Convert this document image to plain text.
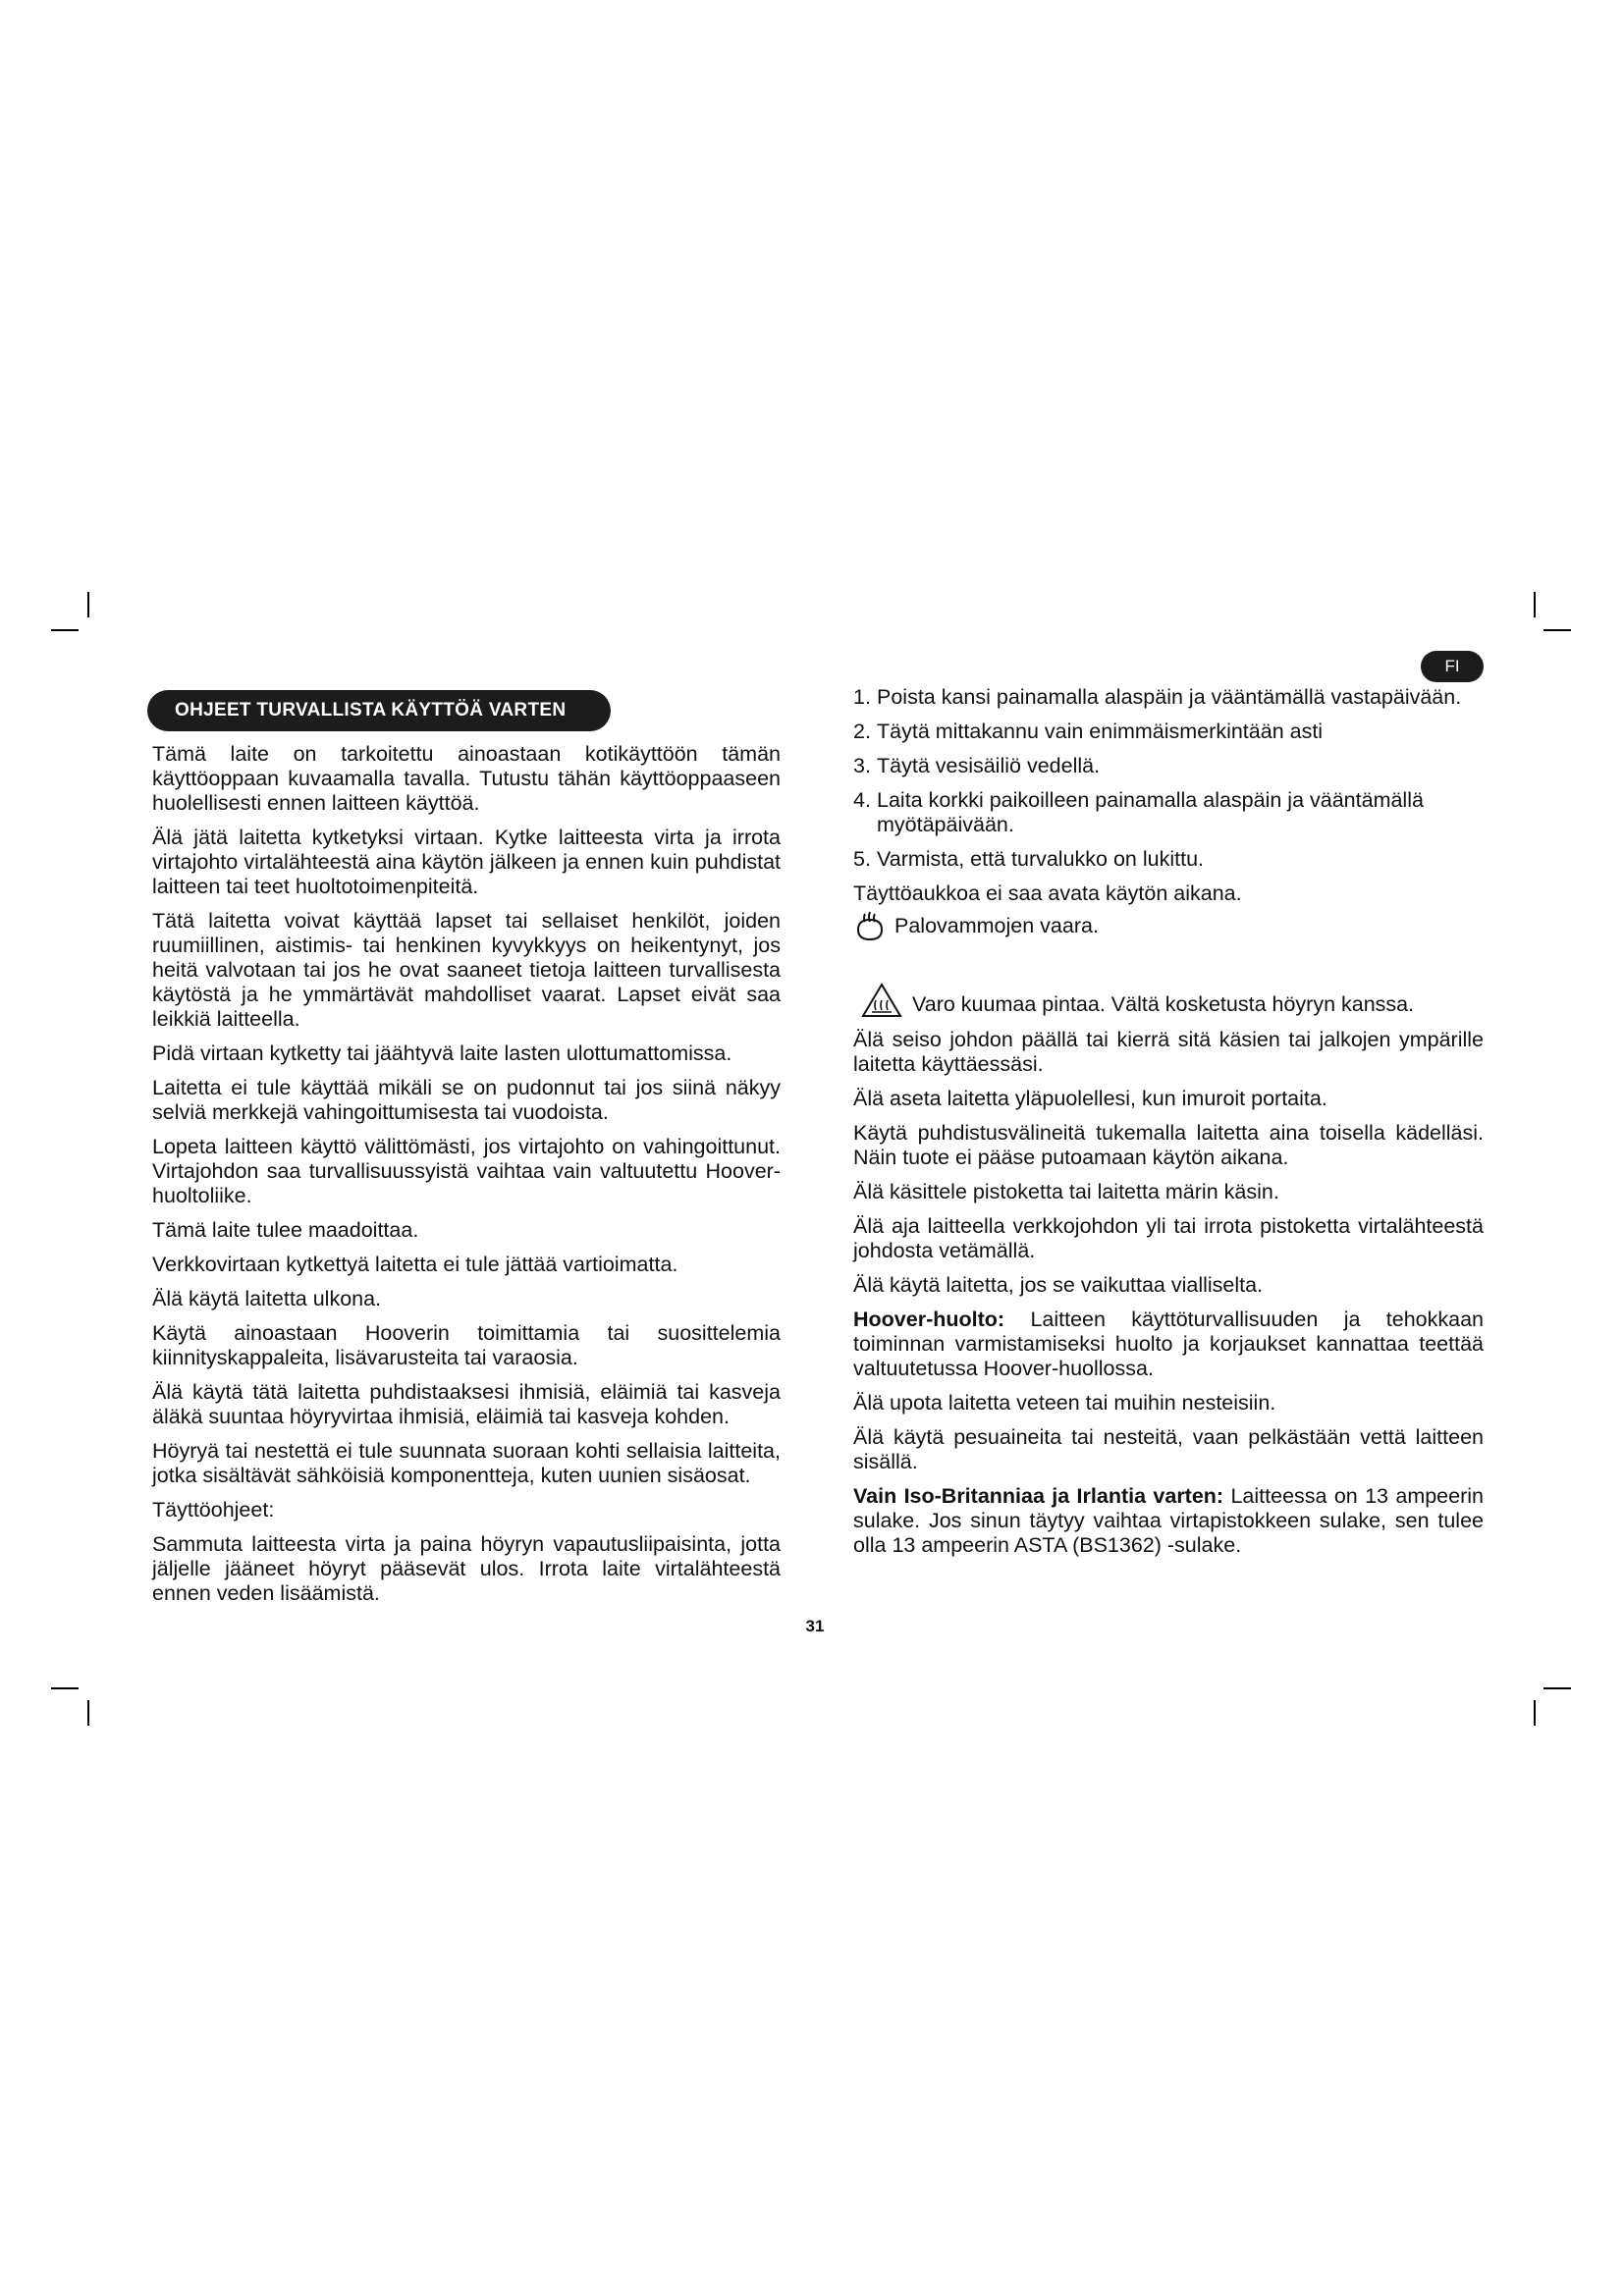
OHJEET TURVALLISTA KÄYTTÖÄ VARTEN
FI

Tämä laite on tarkoitettu ainoastaan kotikäyttöön tämän käyttöoppaan kuvaamalla tavalla. Tutustu tähän käyttöoppaaseen huolellisesti ennen laitteen käyttöä.

Älä jätä laitetta kytketyksi virtaan. Kytke laitteesta virta ja irrota virtajohto virtalähteestä aina käytön jälkeen ja ennen kuin puhdistat laitteen tai teet huoltotoimenpiteitä.

Tätä laitetta voivat käyttää lapset tai sellaiset henkilöt, joiden ruumiillinen, aistimis- tai henkinen kyvykkyys on heikentynyt, jos heitä valvotaan tai jos he ovat saaneet tietoja laitteen turvallisesta käytöstä ja he ymmärtävät mahdolliset vaarat. Lapset eivät saa leikkiä laitteella.

Pidä virtaan kytketty tai jäähtyvä laite lasten ulottumattomissa.

Laitetta ei tule käyttää mikäli se on pudonnut tai jos siinä näkyy selviä merkkejä vahingoittumisesta tai vuodoista.

Lopeta laitteen käyttö välittömästi, jos virtajohto on vahingoittunut. Virtajohdon saa turvallisuussyistä vaihtaa vain valtuutettu Hoover-huoltoliike.

Tämä laite tulee maadoittaa.

Verkkovirtaan kytkettyä laitetta ei tule jättää vartioimatta.

Älä käytä laitetta ulkona.

Käytä ainoastaan Hooverin toimittamia tai suosittelemia kiinnityskappaleita, lisävarusteita tai varaosia.

Älä käytä tätä laitetta puhdistaaksesi ihmisiä, eläimiä tai kasveja äläkä suuntaa höyryvirtaa ihmisiä, eläimiä tai kasveja kohden.

Höyryä tai nestettä ei tule suunnata suoraan kohti sellaisia laitteita, jotka sisältävät sähköisiä komponentteja, kuten uunien sisäosat.

Täyttöohjeet:

Sammuta laitteesta virta ja paina höyryn vapautusliipaisinta, jotta jäljelle jääneet höyryt pääsevät ulos. Irrota laite virtalähteestä ennen veden lisäämistä.

1. Poista kansi painamalla alaspäin ja vääntämällä vastapäivään.
2. Täytä mittakannu vain enimmäismerkintään asti
3. Täytä vesisäiliö vedellä.
4. Laita korkki paikoilleen painamalla alaspäin ja vääntämällä myötäpäivään.
5. Varmista, että turvalukko on lukittu.

Täyttöaukkoa ei saa avata käytön aikana.

Palovammojen vaara.
Varo kuumaa pintaa. Vältä kosketusta höyryn kanssa.

Älä seiso johdon päällä tai kierrä sitä käsien tai jalkojen ympärille laitetta käyttäessäsi.

Älä aseta laitetta yläpuolellesi, kun imuroit portaita.

Käytä puhdistusvälineitä tukemalla laitetta aina toisella kädelläsi. Näin tuote ei pääse putoamaan käytön aikana.

Älä käsittele pistoketta tai laitetta märin käsin.

Älä aja laitteella verkkojohdon yli tai irrota pistoketta virtalähteestä johdosta vetämällä.

Älä käytä laitetta, jos se vaikuttaa vialliselta.

Hoover-huolto: Laitteen käyttöturvallisuuden ja tehokkaan toiminnan varmistamiseksi huolto ja korjaukset kannattaa teettää valtuutetussa Hoover-huollossa.

Älä upota laitetta veteen tai muihin nesteisiin.

Älä käytä pesuaineita tai nesteitä, vaan pelkästään vettä laitteen sisällä.

Vain Iso-Britanniaa ja Irlantia varten: Laitteessa on 13 ampeerin sulake. Jos sinun täytyy vaihtaa virtapistokkeen sulake, sen tulee olla 13 ampeerin ASTA (BS1362) -sulake.

31
